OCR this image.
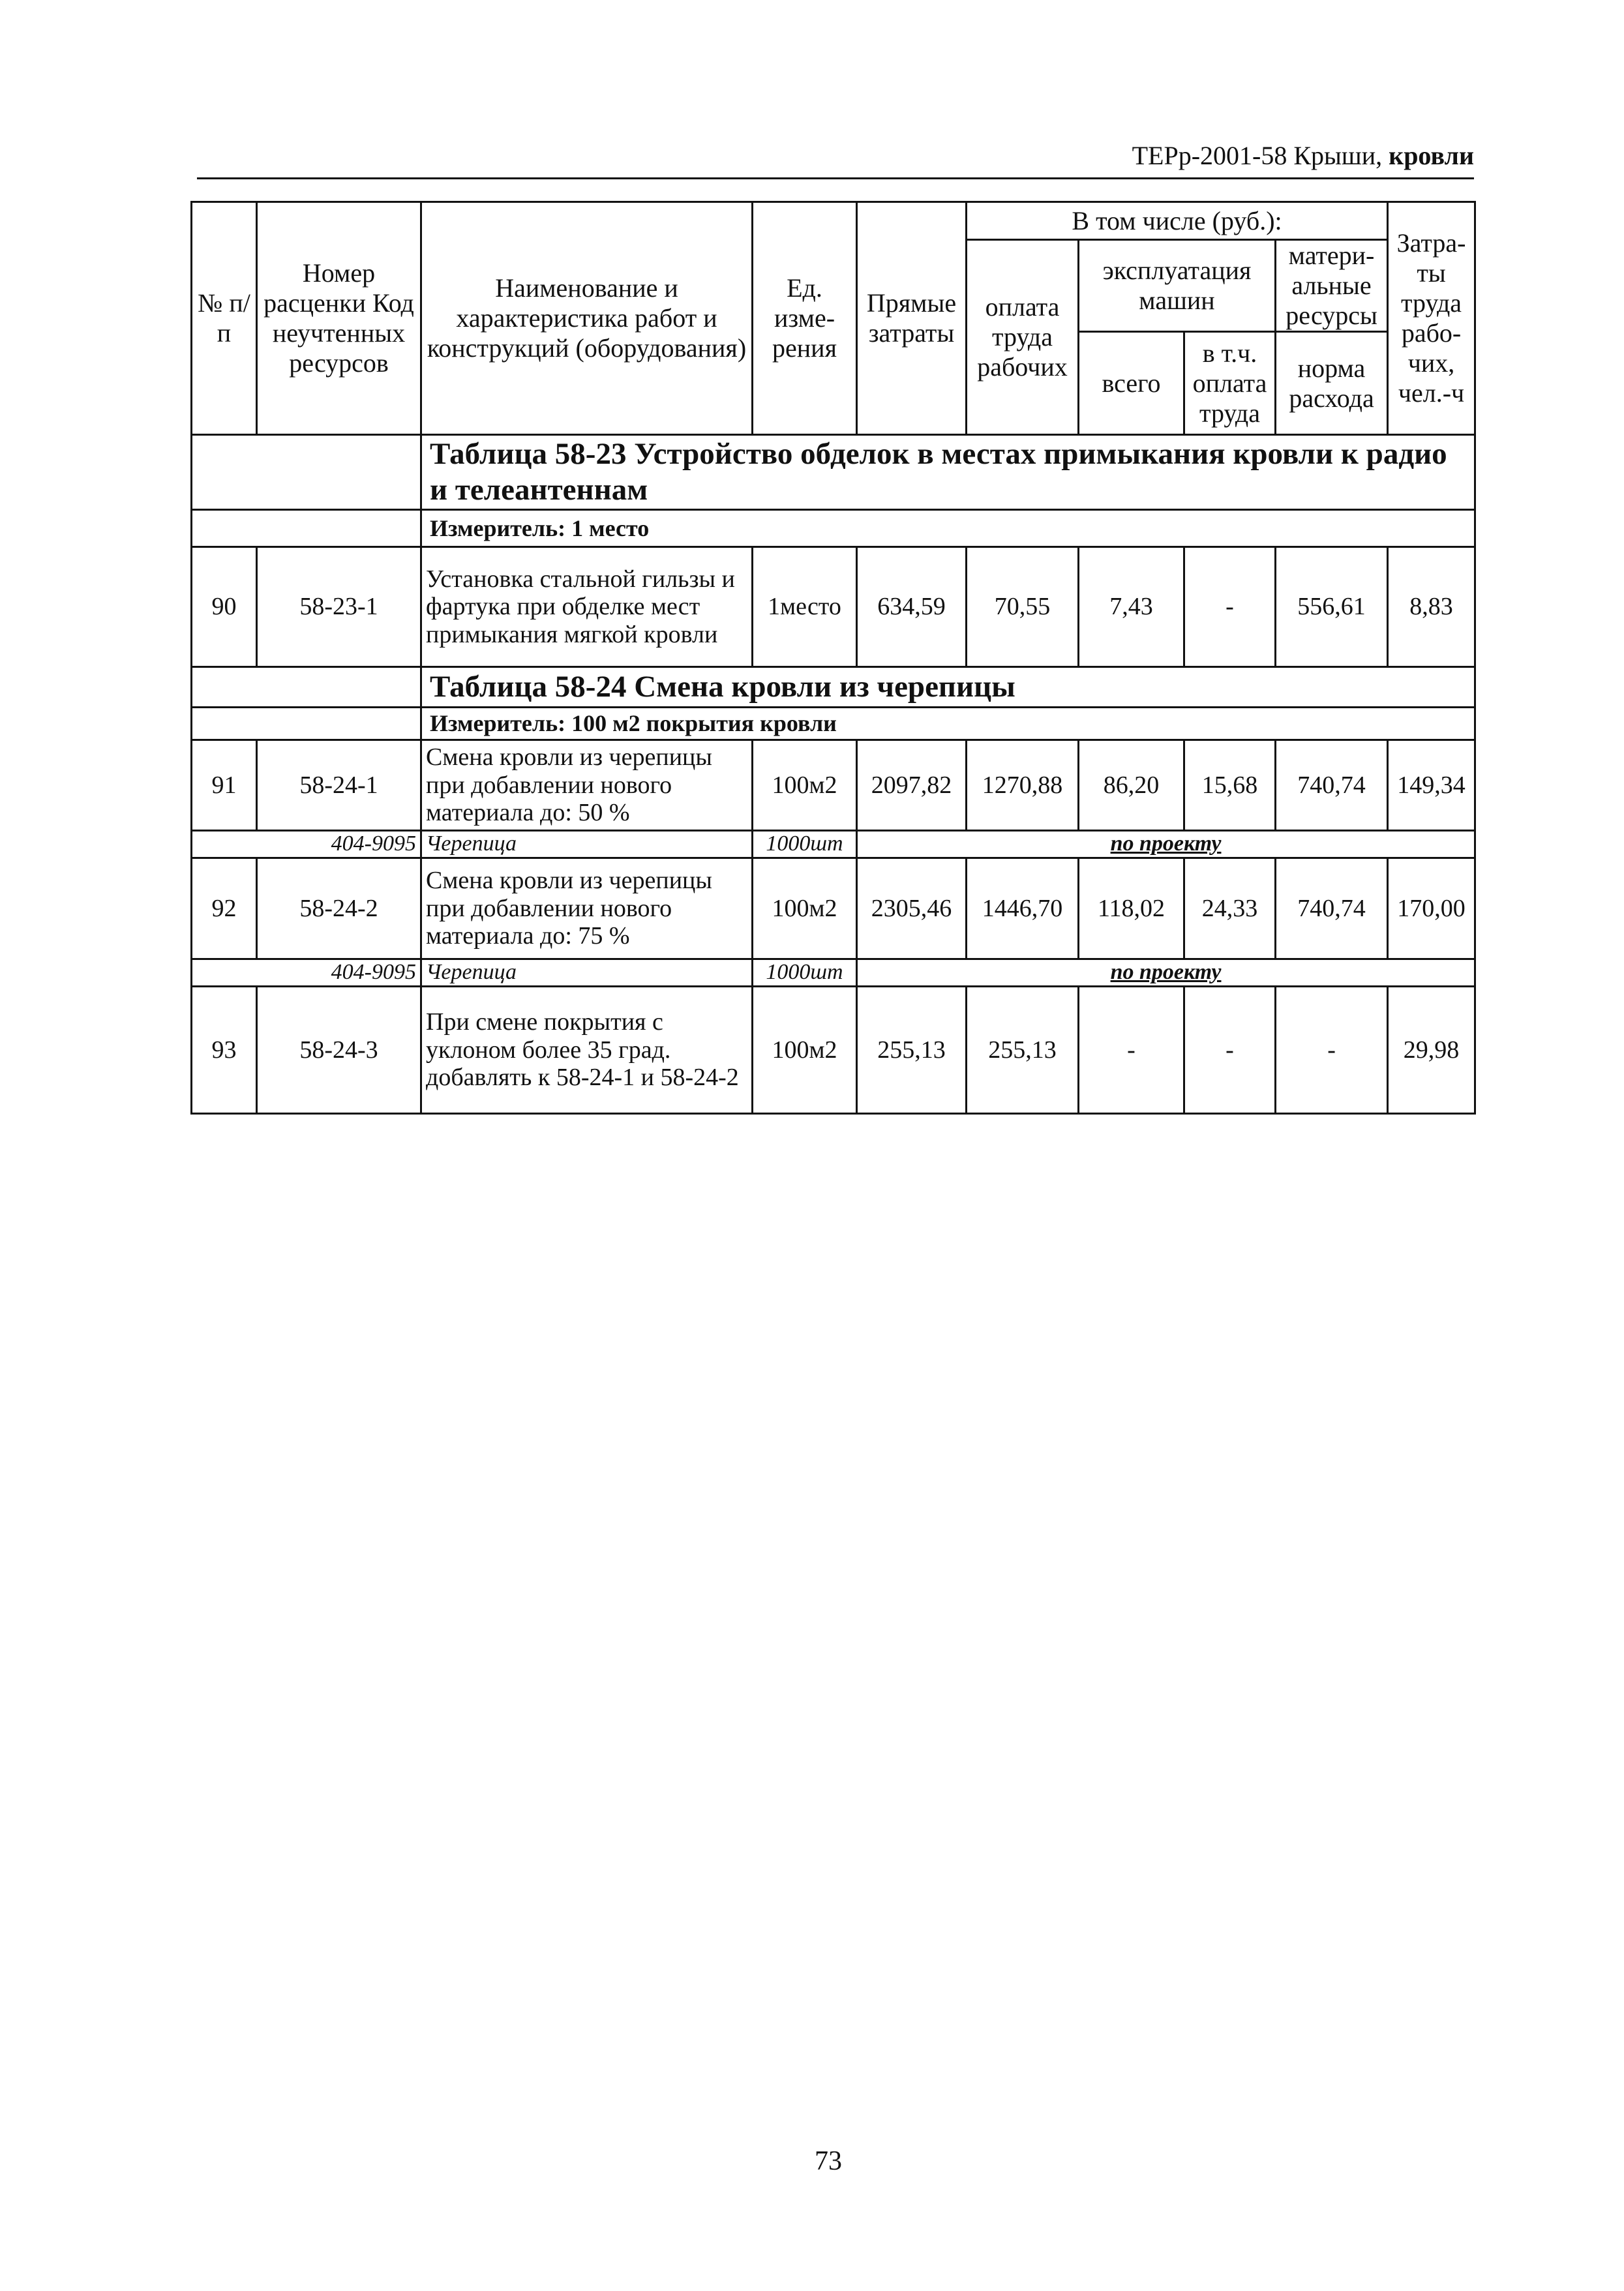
ТЕРр-2001-58 Крыши, кровли
№ п/п	Номер расценки Код неучтенных ресурсов	Наименование и характеристика работ и конструкций (оборудования)	Ед. изме-рения	Прямые затраты	В том числе (руб.):				Затра-ты труда рабо-чих, чел.-ч
					оплата труда рабочих	эксплуатация машин		матери-альные ресурсы	

						всего	в т.ч. оплата труда	норма расхода	
		Таблица 58-23 Устройство обделок в местах примыкания кровли к радио и телеантеннам							
		Измеритель: 1 место							
90	58-23-1	Установка стальной гильзы и фартука при обделке мест примыкания мягкой кровли	1место	634,59	70,55	7,43	-	556,61	8,83
		Таблица 58-24 Смена кровли из черепицы							
		Измеритель: 100 м2 покрытия кровли							
91	58-24-1	Смена кровли из черепицы при добавлении нового материала до: 50 %	100м2	2097,82	1270,88	86,20	15,68	740,74	149,34
404-9095		Черепица	1000шт	по проекту					
92	58-24-2	Смена кровли из черепицы при добавлении нового материала до: 75 %	100м2	2305,46	1446,70	118,02	24,33	740,74	170,00
404-9095		Черепица	1000шт	по проекту					
93	58-24-3	При смене покрытия с уклоном более 35 град. добавлять к 58-24-1 и 58-24-2	100м2	255,13	255,13	-	-	-	29,98
73
